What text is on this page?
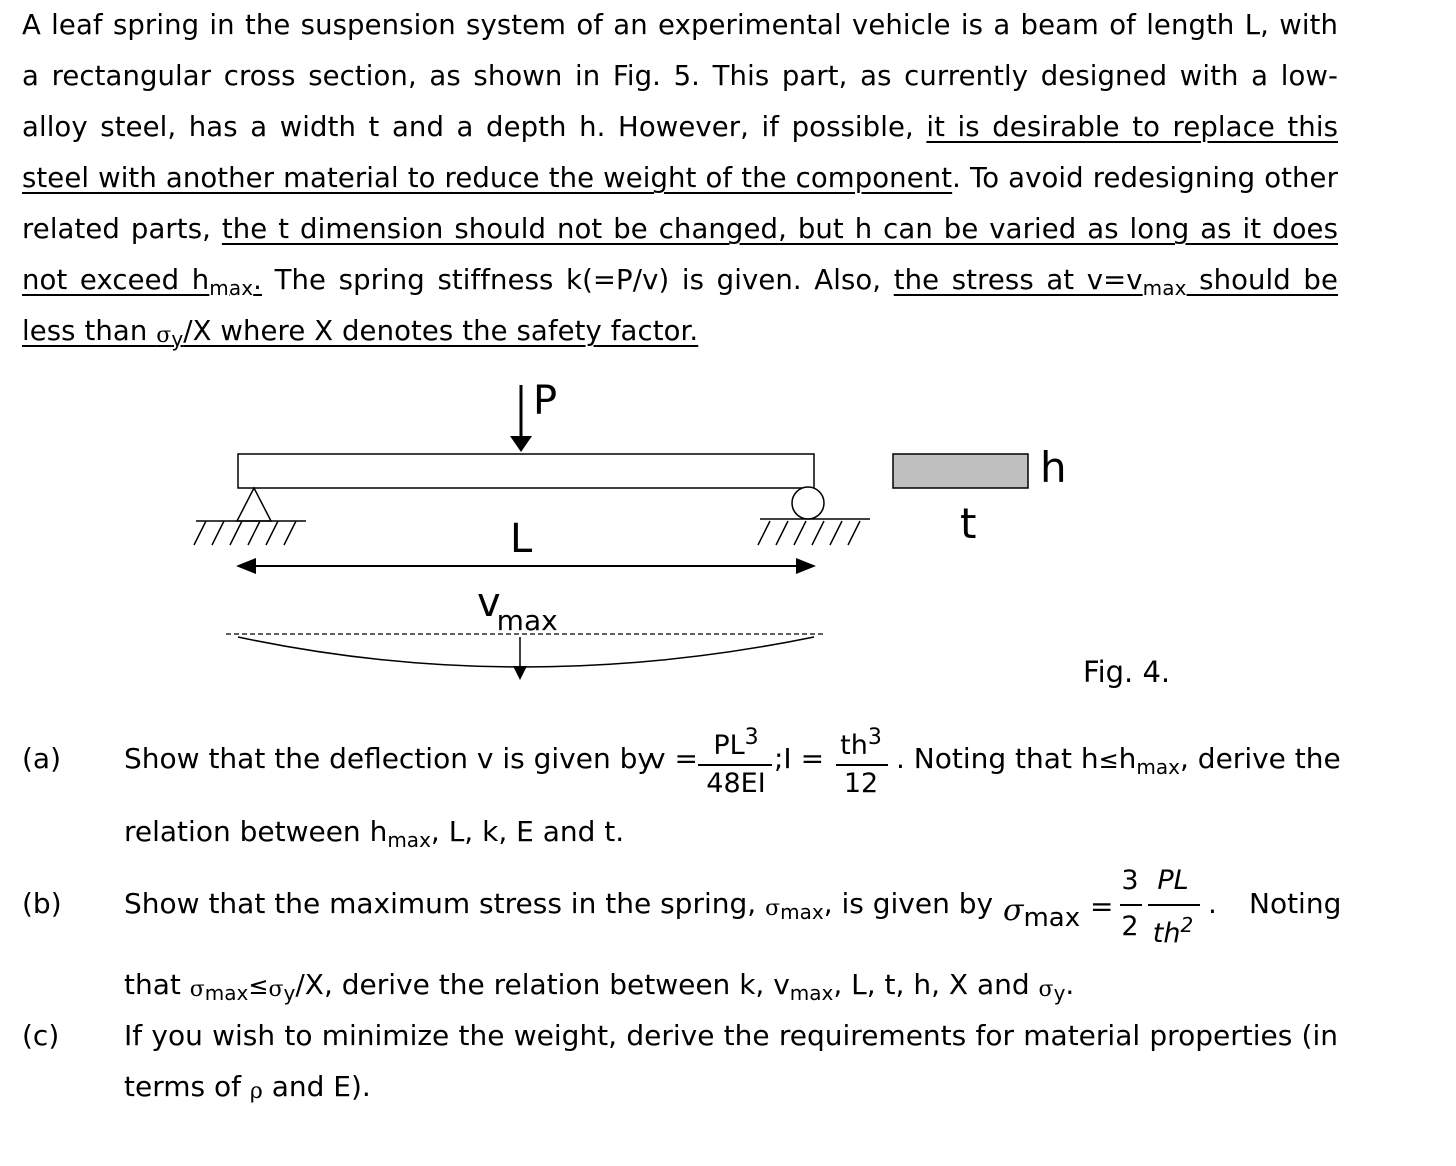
A leaf spring in the suspension system of an experimental vehicle is a beam of length L, with a rectangular cross section, as shown in Fig. 5. This part, as currently designed with a low-alloy steel, has a width t and a depth h. However, if possible, it is desirable to replace this steel with another material to reduce the weight of the component. To avoid redesigning other related parts, the t dimension should not be changed, but h can be varied as long as it does not exceed $h_{max}$. The spring stiffness k(=P/v) is given. Also, the stress at $v=v_{max}$ should be less than $\sigma_y/X$ where X denotes the safety factor.
P
L
vmax
h
t
Fig. 4.
(a) Show that the deflection v is given by
$v = PL^3$
48EI
;I = $th^3$
12
. Noting that $h\le h_{max}$, derive the
relation between $h_{max}$, L, k, E and t.
(b) Show that the maximum stress in the spring, $\sigma_{max}$, is given by σmax =
3
2
PL
$th^2$
. Noting
that $\sigma_{max}\le\sigma_y/X$, derive the relation between k, $v_{max}$, L, t, h, X and $\sigma_y$.
(c) If you wish to minimize the weight, derive the requirements for material properties (in
terms of ρ and E).
